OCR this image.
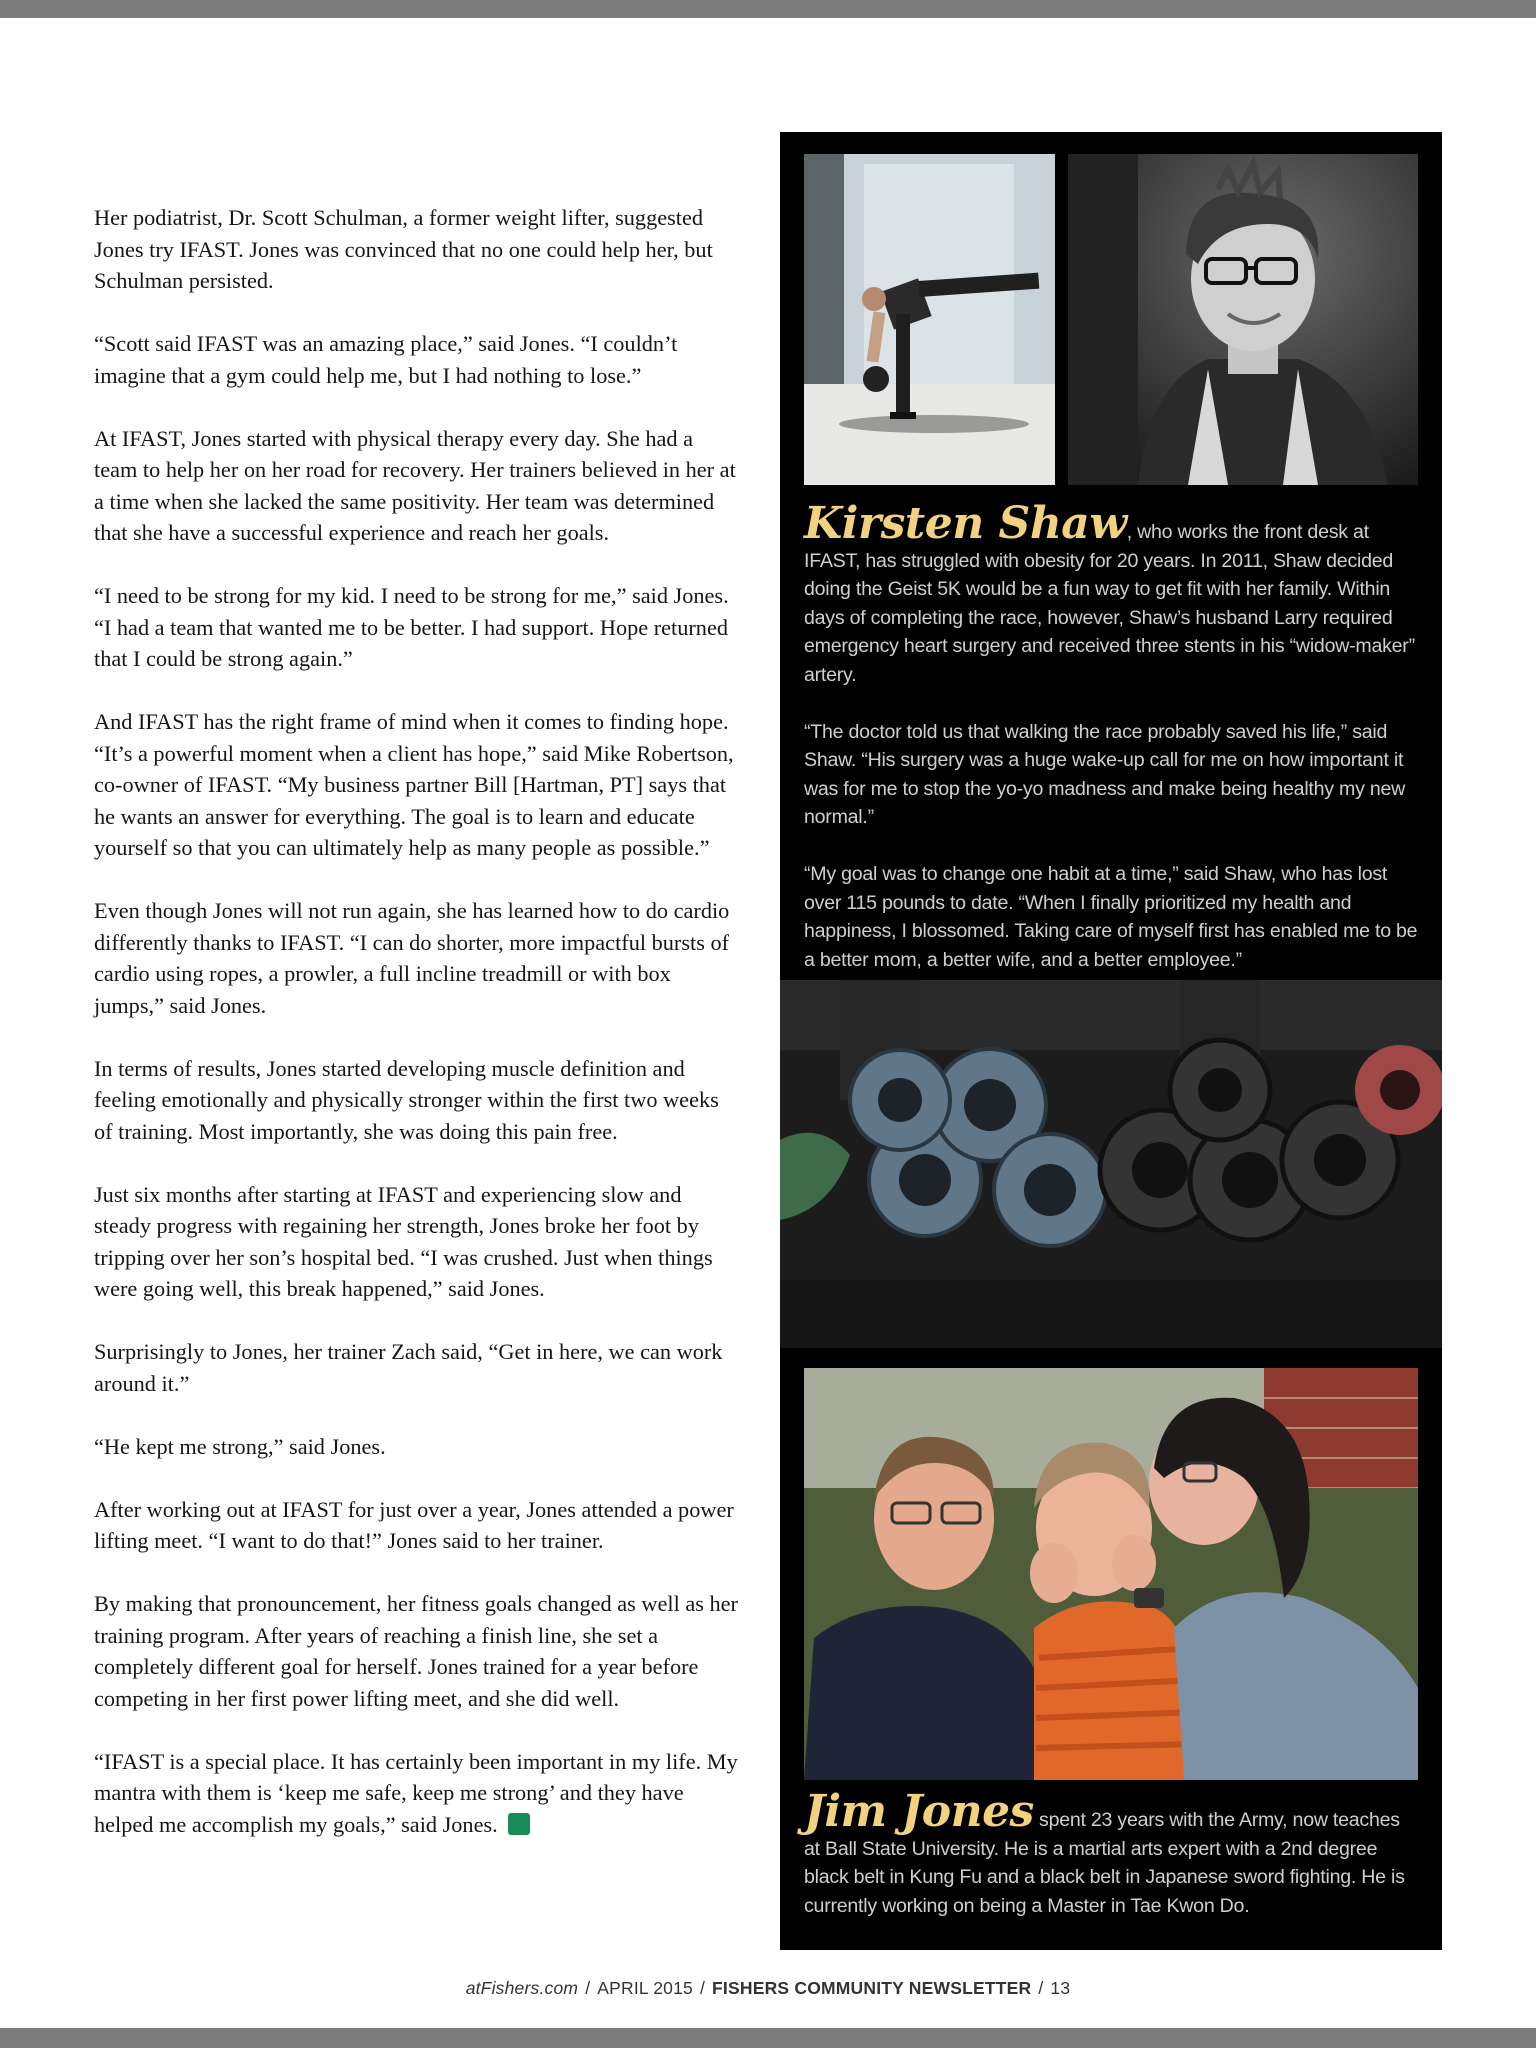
Her podiatrist, Dr. Scott Schulman, a former weight lifter, suggested Jones try IFAST. Jones was convinced that no one could help her, but Schulman persisted.

“Scott said IFAST was an amazing place,” said Jones. “I couldn’t imagine that a gym could help me, but I had nothing to lose.”

At IFAST, Jones started with physical therapy every day. She had a team to help her on her road for recovery. Her trainers believed in her at a time when she lacked the same positivity. Her team was determined that she have a successful experience and reach her goals.

“I need to be strong for my kid. I need to be strong for me,” said Jones. “I had a team that wanted me to be better. I had support. Hope returned that I could be strong again.”

And IFAST has the right frame of mind when it comes to finding hope. “It’s a powerful moment when a client has hope,” said Mike Robertson, co-owner of IFAST. “My business partner Bill [Hartman, PT] says that he wants an answer for everything. The goal is to learn and educate yourself so that you can ultimately help as many people as possible.”

Even though Jones will not run again, she has learned how to do cardio differently thanks to IFAST. “I can do shorter, more impactful bursts of cardio using ropes, a prowler, a full incline treadmill or with box jumps,” said Jones.

In terms of results, Jones started developing muscle definition and feeling emotionally and physically stronger within the first two weeks of training. Most importantly, she was doing this pain free.

Just six months after starting at IFAST and experiencing slow and steady progress with regaining her strength, Jones broke her foot by tripping over her son’s hospital bed. “I was crushed. Just when things were going well, this break happened,” said Jones.

Surprisingly to Jones, her trainer Zach said, “Get in here, we can work around it.”

“He kept me strong,” said Jones.

After working out at IFAST for just over a year, Jones attended a power lifting meet. “I want to do that!” Jones said to her trainer.

By making that pronouncement, her fitness goals changed as well as her training program. After years of reaching a finish line, she set a completely different goal for herself. Jones trained for a year before competing in her first power lifting meet, and she did well.

“IFAST is a special place. It has certainly been important in my life. My mantra with them is ‘keep me safe, keep me strong’ and they have helped me accomplish my goals,” said Jones.

Kirsten Shaw, who works the front desk at IFAST, has struggled with obesity for 20 years. In 2011, Shaw decided doing the Geist 5K would be a fun way to get fit with her family. Within days of completing the race, however, Shaw’s husband Larry required emergency heart surgery and received three stents in his “widow-maker” artery.

“The doctor told us that walking the race probably saved his life,” said Shaw. “His surgery was a huge wake-up call for me on how important it was for me to stop the yo-yo madness and make being healthy my new normal.”

“My goal was to change one habit at a time,” said Shaw, who has lost over 115 pounds to date. “When I finally prioritized my health and happiness, I blossomed. Taking care of myself first has enabled me to be a better mom, a better wife, and a better employee.”

Jim Jones spent 23 years with the Army, now teaches at Ball State University. He is a martial arts expert with a 2nd degree black belt in Kung Fu and a black belt in Japanese sword fighting. He is currently working on being a Master in Tae Kwon Do.

atFishers.com / APRIL 2015 / FISHERS COMMUNITY NEWSLETTER / 13
